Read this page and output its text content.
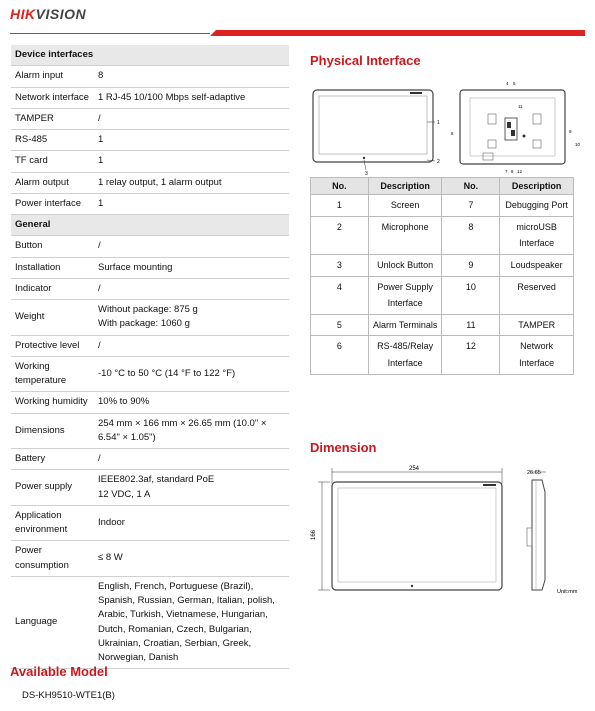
HIKVISION
Device interfaces	
Alarm input	8
Network interface	1 RJ-45 10/100 Mbps self-adaptive
TAMPER	/
RS-485	1
TF card	1
Alarm output	1 relay output, 1 alarm output
Power interface	1
General	
Button	/
Installation	Surface mounting
Indicator	/
Weight	Without package: 875 g
With package: 1060 g
Protective level	/
Working temperature	-10 °C to 50 °C (14 °F to 122 °F)
Working humidity	10% to 90%
Dimensions	254 mm × 166 mm × 26.65 mm (10.0" × 6.54" × 1.05")
Battery	/
Power supply	IEEE802.3af, standard PoE
12 VDC, 1 A
Application environment	Indoor
Power consumption	≤ 8 W
Language	English, French, Portuguese (Brazil), Spanish, Russian, German, Italian, polish, Arabic, Turkish, Vietnamese, Hungarian, Dutch, Romanian, Czech, Bulgarian, Ukrainian, Croatian, Serbian, Greek, Norwegian, Danish
Physical Interface
1
2
3
4 5
6
7 8
9
10
11
12
No.	Description	No.	Description
1	Screen	7	Debugging Port
2	Microphone	8	microUSB Interface
3	Unlock Button	9	Loudspeaker
4	Power Supply Interface	10	Reserved
5	Alarm Terminals	11	TAMPER
6	RS-485/Relay Interface	12	Network Interface
Dimension
254
166
26.65
Unit:mm
Available Model
DS-KH9510-WTE1(B)
